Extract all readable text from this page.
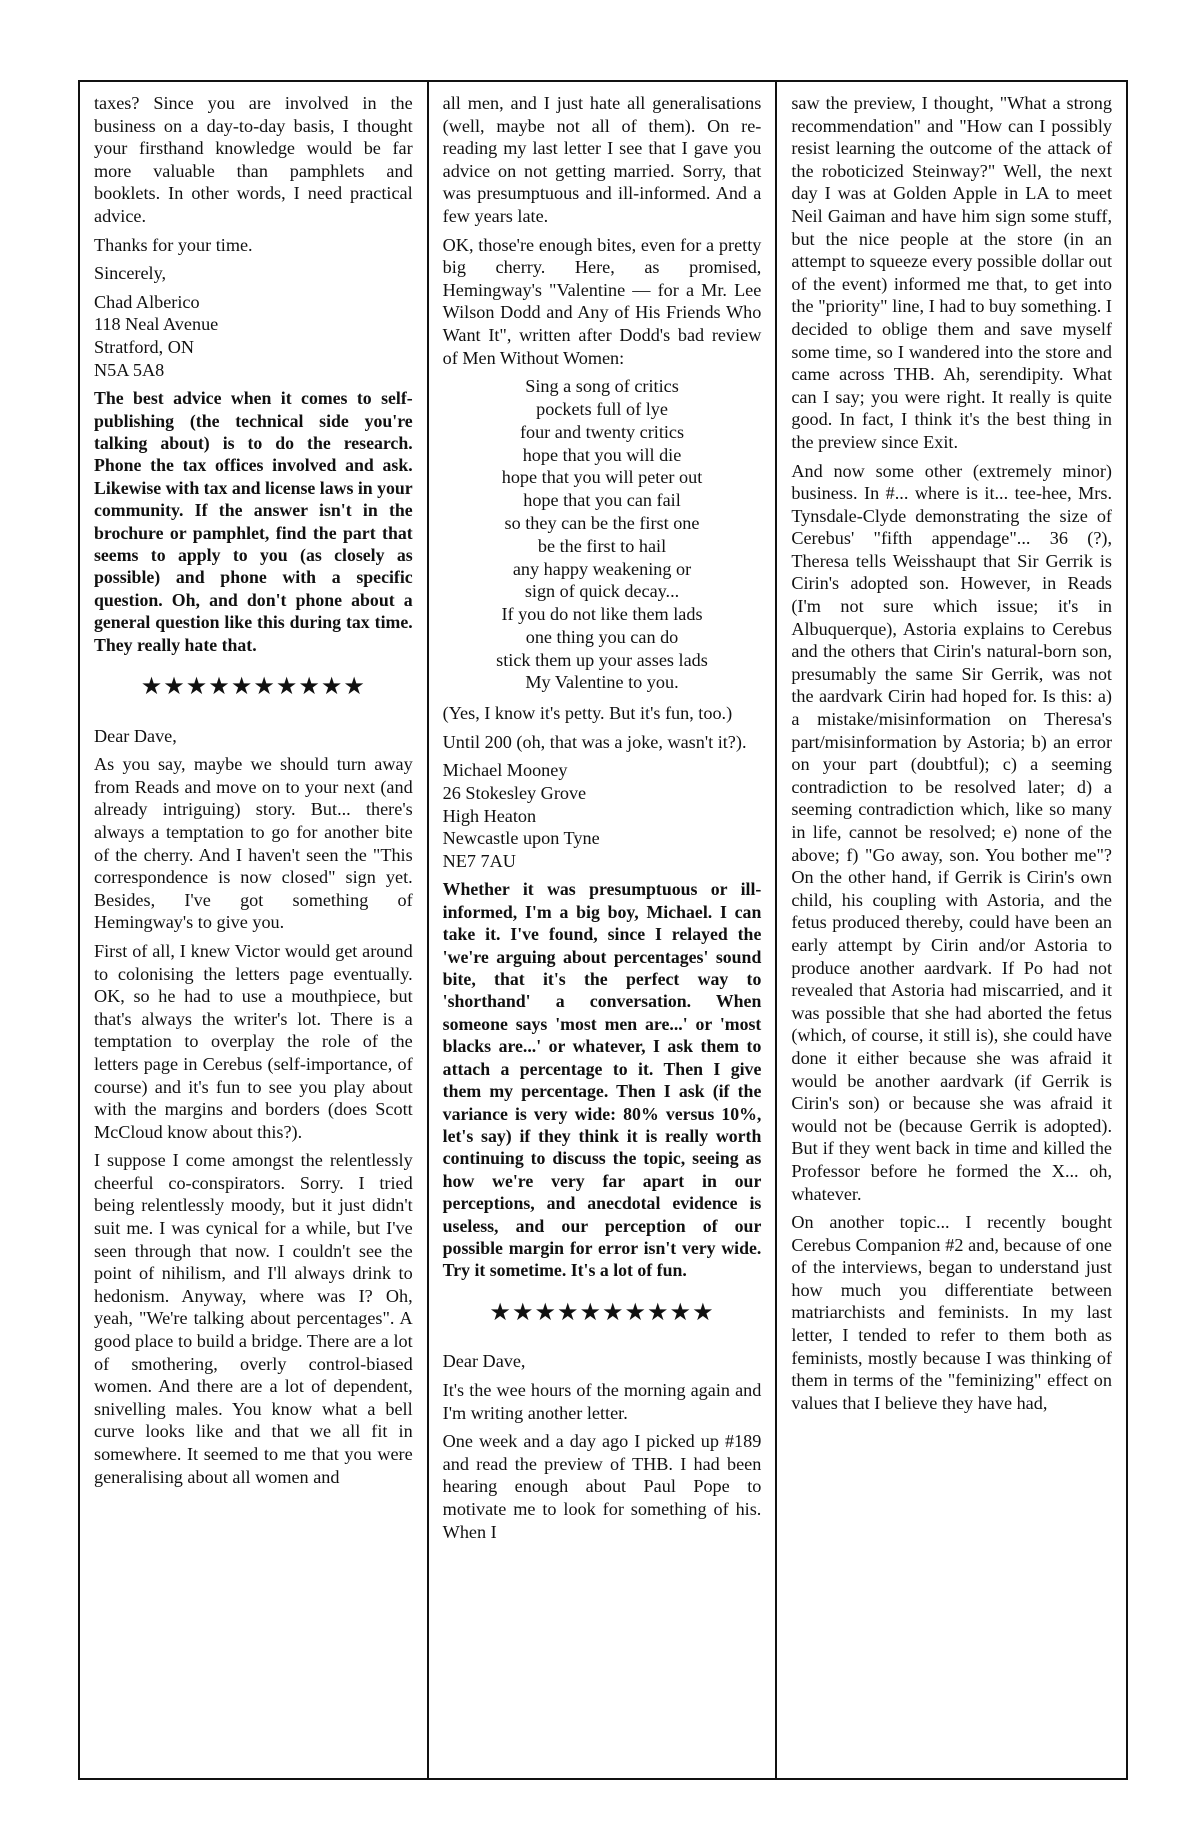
taxes? Since you are involved in the business on a day-to-day basis, I thought your firsthand knowledge would be far more valuable than pamphlets and booklets. In other words, I need practical advice.

Thanks for your time.

Sincerely,

Chad Alberico
118 Neal Avenue
Stratford, ON
N5A 5A8

The best advice when it comes to self-publishing (the technical side you're talking about) is to do the research. Phone the tax offices involved and ask. Likewise with tax and license laws in your community. If the answer isn't in the brochure or pamphlet, find the part that seems to apply to you (as closely as possible) and phone with a specific question. Oh, and don't phone about a general question like this during tax time. They really hate that.

★★★★★★★★★★

Dear Dave,

As you say, maybe we should turn away from Reads and move on to your next (and already intriguing) story. But... there's always a temptation to go for another bite of the cherry. And I haven't seen the "This correspondence is now closed" sign yet. Besides, I've got something of Hemingway's to give you.

First of all, I knew Victor would get around to colonising the letters page eventually. OK, so he had to use a mouthpiece, but that's always the writer's lot. There is a temptation to overplay the role of the letters page in Cerebus (self-importance, of course) and it's fun to see you play about with the margins and borders (does Scott McCloud know about this?).

I suppose I come amongst the relentlessly cheerful co-conspirators. Sorry. I tried being relentlessly moody, but it just didn't suit me. I was cynical for a while, but I've seen through that now. I couldn't see the point of nihilism, and I'll always drink to hedonism. Anyway, where was I? Oh, yeah, "We're talking about percentages". A good place to build a bridge. There are a lot of smothering, overly control-biased women. And there are a lot of dependent, snivelling males. You know what a bell curve looks like and that we all fit in somewhere. It seemed to me that you were generalising about all women and

all men, and I just hate all generalisations (well, maybe not all of them). On re-reading my last letter I see that I gave you advice on not getting married. Sorry, that was presumptuous and ill-informed. And a few years late.

OK, those're enough bites, even for a pretty big cherry. Here, as promised, Hemingway's "Valentine — for a Mr. Lee Wilson Dodd and Any of His Friends Who Want It", written after Dodd's bad review of Men Without Women:

Sing a song of critics
pockets full of lye
four and twenty critics
hope that you will die
hope that you will peter out
hope that you can fail
so they can be the first one
be the first to hail
any happy weakening or
sign of quick decay...
If you do not like them lads
one thing you can do
stick them up your asses lads
My Valentine to you.

(Yes, I know it's petty. But it's fun, too.)

Until 200 (oh, that was a joke, wasn't it?).

Michael Mooney
26 Stokesley Grove
High Heaton
Newcastle upon Tyne
NE7 7AU

Whether it was presumptuous or ill-informed, I'm a big boy, Michael. I can take it. I've found, since I relayed the 'we're arguing about percentages' sound bite, that it's the perfect way to 'shorthand' a conversation. When someone says 'most men are...' or 'most blacks are...' or whatever, I ask them to attach a percentage to it. Then I give them my percentage. Then I ask (if the variance is very wide: 80% versus 10%, let's say) if they think it is really worth continuing to discuss the topic, seeing as how we're very far apart in our perceptions, and anecdotal evidence is useless, and our perception of our possible margin for error isn't very wide. Try it sometime. It's a lot of fun.

★★★★★★★★★★

Dear Dave,

It's the wee hours of the morning again and I'm writing another letter.

One week and a day ago I picked up #189 and read the preview of THB. I had been hearing enough about Paul Pope to motivate me to look for something of his. When I

saw the preview, I thought, "What a strong recommendation" and "How can I possibly resist learning the outcome of the attack of the roboticized Steinway?" Well, the next day I was at Golden Apple in LA to meet Neil Gaiman and have him sign some stuff, but the nice people at the store (in an attempt to squeeze every possible dollar out of the event) informed me that, to get into the "priority" line, I had to buy something. I decided to oblige them and save myself some time, so I wandered into the store and came across THB. Ah, serendipity. What can I say; you were right. It really is quite good. In fact, I think it's the best thing in the preview since Exit.

And now some other (extremely minor) business. In #... where is it... tee-hee, Mrs. Tynsdale-Clyde demonstrating the size of Cerebus' "fifth appendage"... 36 (?), Theresa tells Weisshaupt that Sir Gerrik is Cirin's adopted son. However, in Reads (I'm not sure which issue; it's in Albuquerque), Astoria explains to Cerebus and the others that Cirin's natural-born son, presumably the same Sir Gerrik, was not the aardvark Cirin had hoped for. Is this: a) a mistake/misinformation on Theresa's part/misinformation by Astoria; b) an error on your part (doubtful); c) a seeming contradiction to be resolved later; d) a seeming contradiction which, like so many in life, cannot be resolved; e) none of the above; f) "Go away, son. You bother me"? On the other hand, if Gerrik is Cirin's own child, his coupling with Astoria, and the fetus produced thereby, could have been an early attempt by Cirin and/or Astoria to produce another aardvark. If Po had not revealed that Astoria had miscarried, and it was possible that she had aborted the fetus (which, of course, it still is), she could have done it either because she was afraid it would be another aardvark (if Gerrik is Cirin's son) or because she was afraid it would not be (because Gerrik is adopted). But if they went back in time and killed the Professor before he formed the X... oh, whatever.

On another topic... I recently bought Cerebus Companion #2 and, because of one of the interviews, began to understand just how much you differentiate between matriarchists and feminists. In my last letter, I tended to refer to them both as feminists, mostly because I was thinking of them in terms of the "feminizing" effect on values that I believe they have had,
